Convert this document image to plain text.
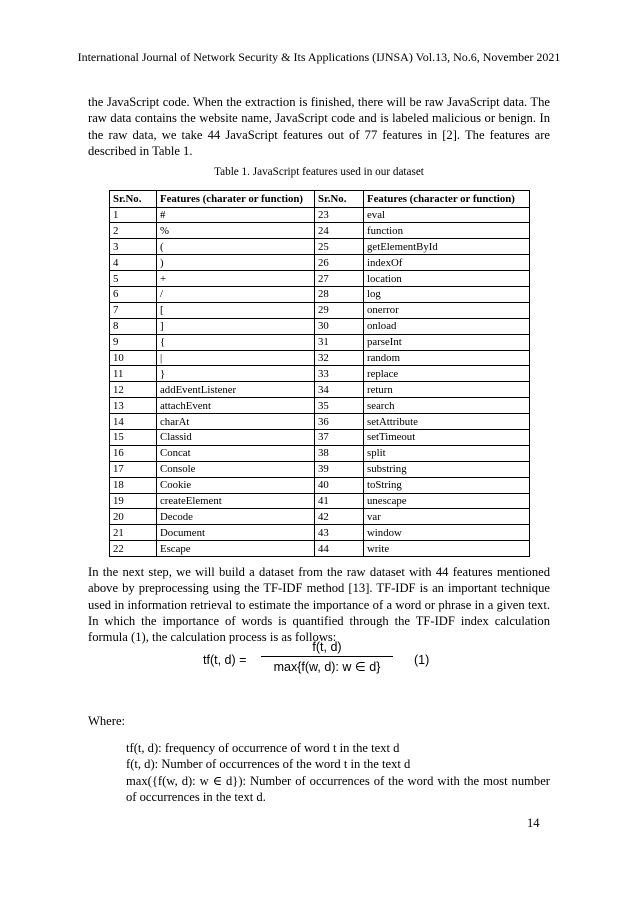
International Journal of Network Security & Its Applications (IJNSA) Vol.13, No.6, November 2021
the JavaScript code. When the extraction is finished, there will be raw JavaScript data. The raw data contains the website name, JavaScript code and is labeled malicious or benign. In the raw data, we take 44 JavaScript features out of 77 features in [2]. The features are described in Table 1.
Table 1. JavaScript features used in our dataset
Sr.No.	Features (charater or function)	Sr.No.	Features (character or function)
1	#	23	eval
2	%	24	function
3	(	25	getElementById
4	)	26	indexOf
5	+	27	location
6	/	28	log
7	[	29	onerror
8	]	30	onload
9	{	31	parseInt
10	|	32	random
11	}	33	replace
12	addEventListener	34	return
13	attachEvent	35	search
14	charAt	36	setAttribute
15	Classid	37	setTimeout
16	Concat	38	split
17	Console	39	substring
18	Cookie	40	toString
19	createElement	41	unescape
20	Decode	42	var
21	Document	43	window
22	Escape	44	write
In the next step, we will build a dataset from the raw dataset with 44 features mentioned above by preprocessing using the TF-IDF method [13]. TF-IDF is an important technique used in information retrieval to estimate the importance of a word or phrase in a given text. In which the importance of words is quantified through the TF-IDF index calculation formula (1), the calculation process is as follows:
tf(t, d) =
f(t, d)
max{f(w, d): w ∈ d}	(1)
Where:
tf(t, d): frequency of occurrence of word t in the text d
f(t, d): Number of occurrences of the word t in the text d
max({f(w, d): w ∈ d}): Number of occurrences of the word with the most number of occurrences in the text d.
14
